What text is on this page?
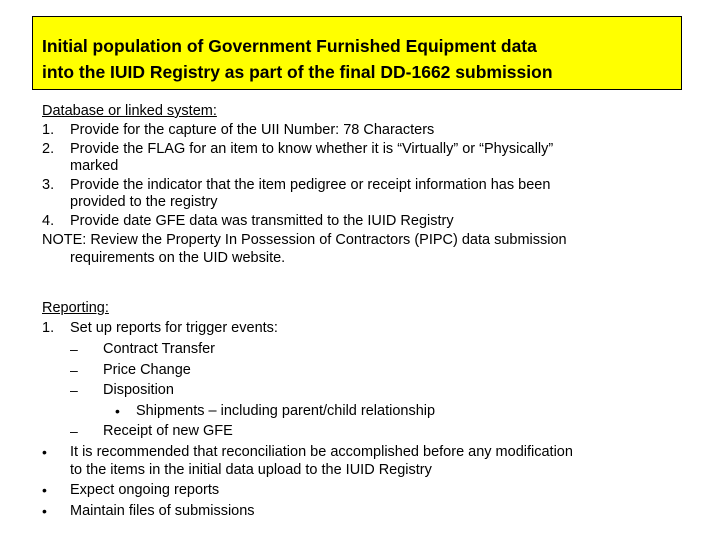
Initial population of Government Furnished Equipment data
into the IUID Registry as part of the final DD-1662 submission
Database or linked system:
1. Provide for the capture of the UII Number: 78 Characters
2. Provide the FLAG for an item to know whether it is “Virtually” or “Physically”
marked
3. Provide the indicator that the item pedigree or receipt information has been
provided to the registry
4. Provide date GFE data was transmitted to the IUID Registry
NOTE: Review the Property In Possession of Contractors (PIPC) data submission
requirements on the UID website.
Reporting:
1. Set up reports for trigger events:
– Contract Transfer
– Price Change
– Disposition
• Shipments – including parent/child relationship
– Receipt of new GFE
• It is recommended that reconciliation be accomplished before any modification
to the items in the initial data upload to the IUID Registry
• Expect ongoing reports
• Maintain files of submissions
